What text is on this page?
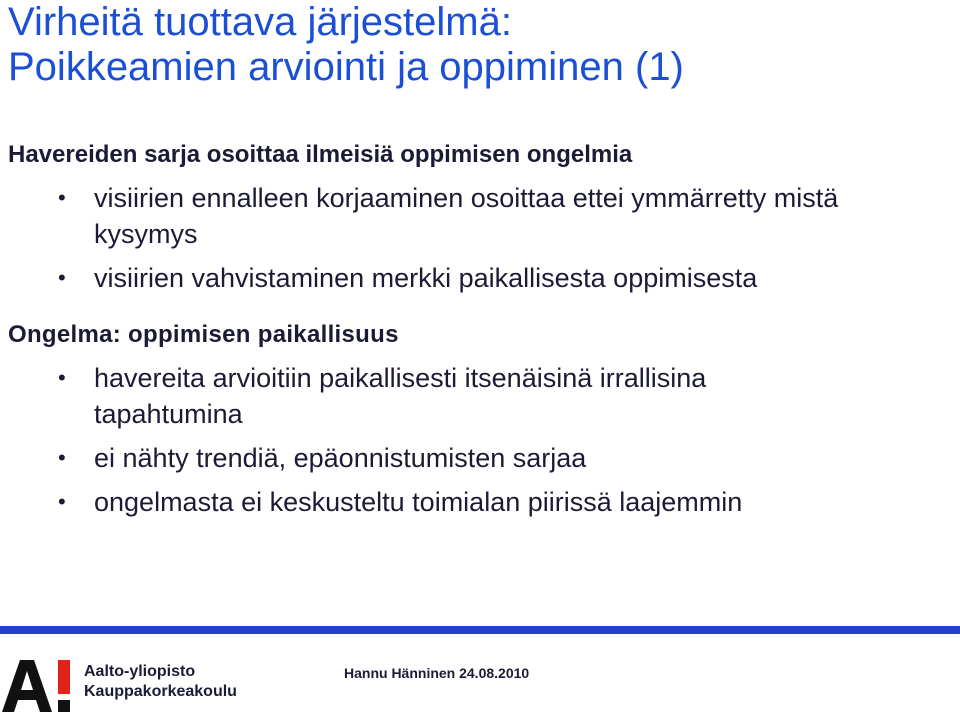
Virheitä tuottava järjestelmä:
Poikkeamien arviointi ja oppiminen (1)

Havereiden sarja osoittaa ilmeisiä oppimisen ongelmia

• visiirien ennalleen korjaaminen osoittaa ettei ymmärretty mistä
kysymys
• visiirien vahvistaminen merkki paikallisesta oppimisesta

Ongelma: oppimisen paikallisuus

• havereita arvioitiin paikallisesti itsenäisinä irrallisina
tapahtumina
• ei nähty trendiä, epäonnistumisten sarjaa
• ongelmasta ei keskusteltu toimialan piirissä laajemmin
Aalto-yliopisto
Kauppakorkeakoulu
Hannu Hänninen 24.08.2010
